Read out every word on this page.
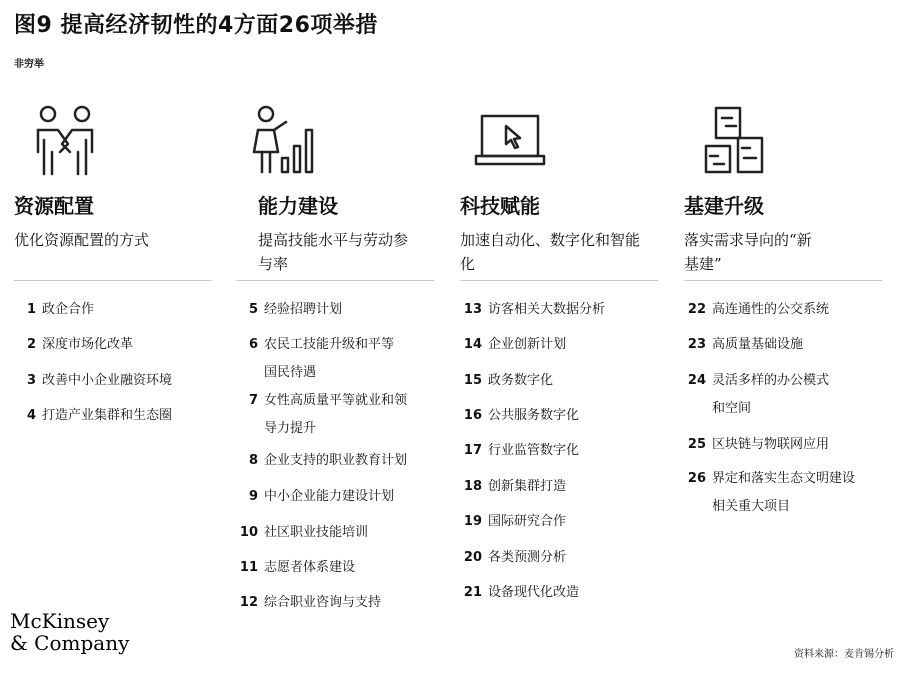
图9 提高经济韧性的4方面26项举措
非穷举
资源配置
优化资源配置的方式
1 政企合作
2 深度市场化改革
3 改善中小企业融资环境
4 打造产业集群和生态圈
能力建设
提高技能水平与劳动参与率
5 经验招聘计划
6 农民工技能升级和平等
国民待遇
7 女性高质量平等就业和领
导力提升
8 企业支持的职业教育计划
9 中小企业能力建设计划
10 社区职业技能培训
11 志愿者体系建设
12 综合职业咨询与支持
科技赋能
加速自动化、数字化和智能化
13 访客相关大数据分析
14 企业创新计划
15 政务数字化
16 公共服务数字化
17 行业监管数字化
18 创新集群打造
19 国际研究合作
20 各类预测分析
21 设备现代化改造
基建升级
落实需求导向的“新基建”
22 高连通性的公交系统
23 高质量基础设施
24 灵活多样的办公模式
和空间
25 区块链与物联网应用
26 界定和落实生态文明建设
相关重大项目
McKinsey
& Company	资料来源：麦肯锡分析
